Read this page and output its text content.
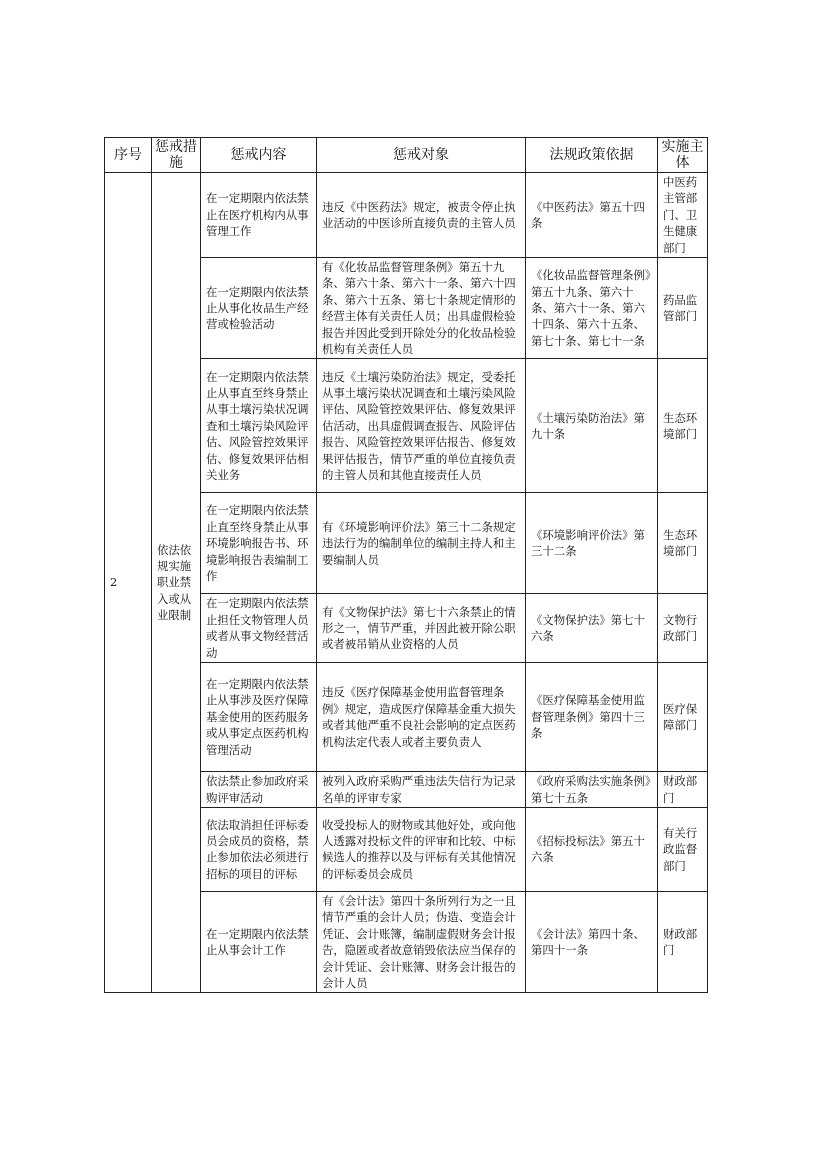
序号	惩戒措施	惩戒内容	惩戒对象	法规政策依据	实施主体
2	依法依规实施职业禁入或从业限制	在一定期限内依法禁止在医疗机构内从事管理工作	违反《中医药法》规定，被责令停止执业活动的中医诊所直接负责的主管人员	《中医药法》第五十四条	中医药主管部门、卫生健康部门
		在一定期限内依法禁止从事化妆品生产经营或检验活动	有《化妆品监督管理条例》第五十九条、第六十条、第六十一条、第六十四条、第六十五条、第七十条规定情形的经营主体有关责任人员；出具虚假检验报告并因此受到开除处分的化妆品检验机构有关责任人员	《化妆品监督管理条例》第五十九条、第六十条、第六十一条、第六十四条、第六十五条、第七十条、第七十一条	药品监管部门
		在一定期限内依法禁止从事直至终身禁止从事土壤污染状况调查和土壤污染风险评估、风险管控效果评估、修复效果评估相关业务	违反《土壤污染防治法》规定，受委托从事土壤污染状况调查和土壤污染风险评估、风险管控效果评估、修复效果评估活动，出具虚假调查报告、风险评估报告、风险管控效果评估报告、修复效果评估报告，情节严重的单位直接负责的主管人员和其他直接责任人员	《土壤污染防治法》第九十条	生态环境部门
		在一定期限内依法禁止直至终身禁止从事环境影响报告书、环境影响报告表编制工作	有《环境影响评价法》第三十二条规定违法行为的编制单位的编制主持人和主要编制人员	《环境影响评价法》第三十二条	生态环境部门
		在一定期限内依法禁止担任文物管理人员或者从事文物经营活动	有《文物保护法》第七十六条禁止的情形之一，情节严重，并因此被开除公职或者被吊销从业资格的人员	《文物保护法》第七十六条	文物行政部门
		在一定期限内依法禁止从事涉及医疗保障基金使用的医药服务或从事定点医药机构管理活动	违反《医疗保障基金使用监督管理条例》规定，造成医疗保障基金重大损失或者其他严重不良社会影响的定点医药机构法定代表人或者主要负责人	《医疗保障基金使用监督管理条例》第四十三条	医疗保障部门
		依法禁止参加政府采购评审活动	被列入政府采购严重违法失信行为记录名单的评审专家	《政府采购法实施条例》第七十五条	财政部门
		依法取消担任评标委员会成员的资格，禁止参加依法必须进行招标的项目的评标	收受投标人的财物或其他好处，或向他人透露对投标文件的评审和比较、中标候选人的推荐以及与评标有关其他情况的评标委员会成员	《招标投标法》第五十六条	有关行政监督部门
		在一定期限内依法禁止从事会计工作	有《会计法》第四十条所列行为之一且情节严重的会计人员；伪造、变造会计凭证、会计账簿，编制虚假财务会计报告，隐匿或者故意销毁依法应当保存的会计凭证、会计账簿、财务会计报告的会计人员	《会计法》第四十条、第四十一条	财政部门
